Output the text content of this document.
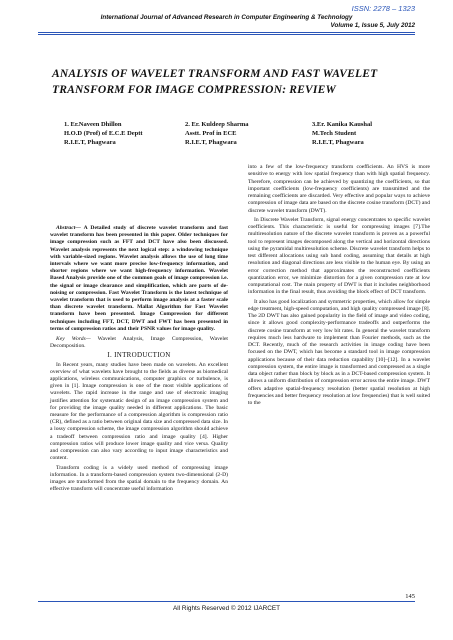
ISSN: 2278 – 1323
International Journal of Advanced Research in Computer Engineering & Technology
Volume 1, Issue 5, July 2012
ANALYSIS OF WAVELET TRANSFORM AND FAST WAVELET TRANSFORM FOR IMAGE COMPRESSION: REVIEW
1. Er.Naveen Dhillon
H.O.D (Prof) of E.C.E Deptt
R.I.E.T, Phagwara
2. Er. Kuldeep Sharma
Asstt. Prof in ECE
R.I.E.T, Phagwara
3.Er. Kanika Kaushal
M.Tech Student
R.I.E.T, Phagwara

Abstract— A Detailed study of discrete wavelet transform and fast wavelet transform has been presented in this paper. Older techniques for image compression such as FFT and DCT have also been discussed. Wavelet analysis represents the next logical step: a windowing technique with variable-sized regions. Wavelet analysis allows the use of long time intervals where we want more precise low-frequency information, and shorter regions where we want high-frequency information. Wavelet Based Analysis provide one of the common goals of image compression i.e. the signal or image clearance and simplification, which are parts of de-noising or compression. Fast Wavelet Transform is the latest technique of wavelet transform that is used to perform image analysis at a faster scale than discrete wavelet transform. Mallat Algorithm for Fast Wavelet transform have been presented. Image Compression for different techniques including FFT, DCT, DWT and FWT has been presented in terms of compression ratios and their PSNR values for image quality.

Key Words— Wavelet Analysis, Image Compression, Wavelet Decomposition.

I. INTRODUCTION

In Recent years, many studies have been made on wavelets. An excellent overview of what wavelets have brought to the fields as diverse as biomedical applications, wireless communications, computer graphics or turbulence, is given in [1]. Image compression is one of the most visible applications of wavelets. The rapid increase in the range and use of electronic imaging justifies attention for systematic design of an image compression system and for providing the image quality needed in different applications. The basic measure for the performance of a compression algorithm is compression ratio (CR), defined as a ratio between original data size and compressed data size. In a lossy compression scheme, the image compression algorithm should achieve a tradeoff between compression ratio and image quality [4]. Higher compression ratios will produce lower image quality and vice versa. Quality and compression can also vary according to input image characteristics and content.

Transform coding is a widely used method of compressing image information. In a transform-based compression system two-dimensional (2-D) images are transformed from the spatial domain to the frequency domain. An effective transform will concentrate useful information

into a few of the low-frequency transform coefficients. An HVS is more sensitive to energy with low spatial frequency than with high spatial frequency. Therefore, compression can be achieved by quantizing the coefficients, so that important coefficients (low-frequency coefficients) are transmitted and the remaining coefficients are discarded. Very effective and popular ways to achieve compression of image data are based on the discrete cosine transform (DCT) and discrete wavelet transform (DWT).

In Discrete Wavelet Transform, signal energy concentrates to specific wavelet coefficients. This characteristic is useful for compressing images [7].The multiresolution nature of the discrete wavelet transform is proven as a powerful tool to represent images decomposed along the vertical and horizontal directions using the pyramidal multiresolution scheme. Discrete wavelet transform helps to test different allocations using sub band coding, assuming that details at high resolution and diagonal directions are less visible to the human eye. By using an error correction method that approximates the reconstructed coefficients quantization error, we minimize distortion for a given compression rate at low computational cost. The main property of DWT is that it includes neighborhood information in the final result, thus avoiding the block effect of DCT transform.

It also has good localization and symmetric properties, which allow for simple edge treatment, high-speed computation, and high quality compressed image [8]. The 2D DWT has also gained popularity in the field of image and video coding, since it allows good complexity-performance tradeoffs and outperforms the discrete cosine transform at very low bit rates. In general the wavelet transform requires much less hardware to implement than Fourier methods, such as the DCT. Recently, much of the research activities in image coding have been focused on the DWT, which has become a standard tool in image compression applications because of their data reduction capability [10]–[12]. In a wavelet compression system, the entire image is transformed and compressed as a single data object rather than block by block as in a DCT-based compression system. It allows a uniform distribution of compression error across the entire image. DWT offers adaptive spatial-frequency resolution (better spatial resolution at high frequencies and better frequency resolution at low frequencies) that is well suited to the

145
All Rights Reserved © 2012 IJARCET
